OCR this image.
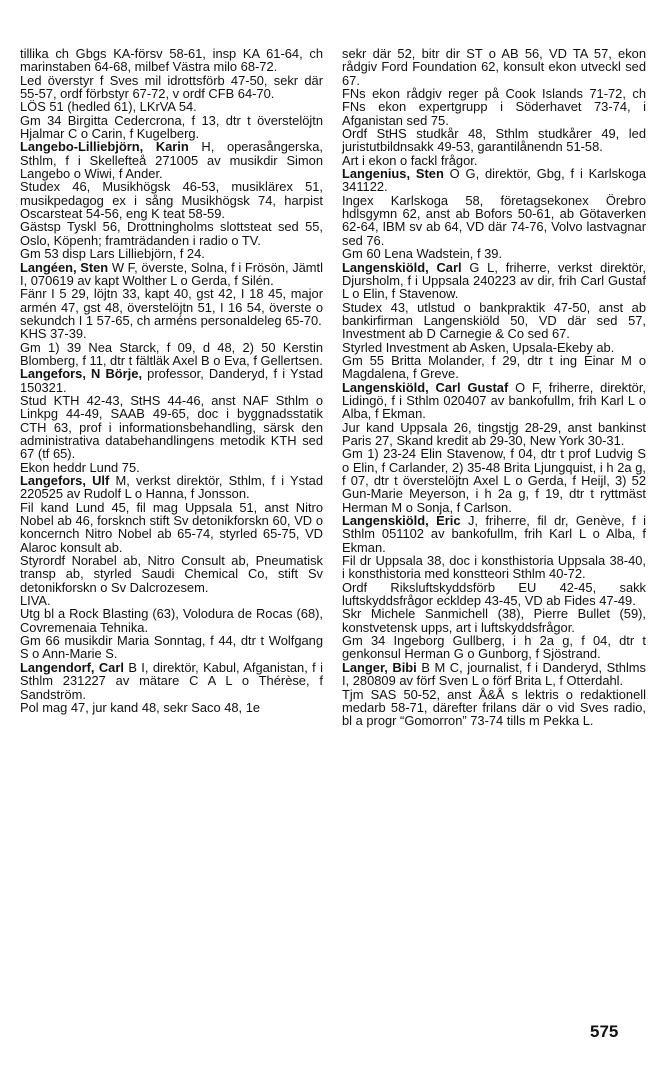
tillika ch Gbgs KA-försv 58-61, insp KA 61-64, ch marinstaben 64-68, milbef Västra milo 68-72.

Led överstyr f Sves mil idrottsförb 47-50, sekr där 55-57, ordf förbstyr 67-72, v ordf CFB 64-70.

LÖS 51 (hedled 61), LKrVA 54.

Gm 34 Birgitta Cedercrona, f 13, dtr t överstelöjtn Hjalmar C o Carin, f Kugelberg.

Langebo-Lilliebjörn, Karin H, operasångerska, Sthlm, f i Skellefteå 271005 av musikdir Simon Langebo o Wiwi, f Ander.

Studex 46, Musikhögsk 46-53, musiklärex 51, musikpedagog ex i sång Musikhögsk 74, harpist Oscarsteat 54-56, eng K teat 58-59.

Gästsp Tyskl 56, Drottningholms slottsteat sed 55, Oslo, Köpenh; framträdanden i radio o TV.

Gm 53 disp Lars Lilliebjörn, f 24.

Langéen, Sten W F, överste, Solna, f i Frösön, Jämtl I, 070619 av kapt Wolther L o Gerda, f Silén.

Fänr I 5 29, löjtn 33, kapt 40, gst 42, I 18 45, major armén 47, gst 48, överstelöjtn 51, I 16 54, överste o sekundch I 1 57-65, ch arméns personaldeleg 65-70.

KHS 37-39.

Gm 1) 39 Nea Starck, f 09, d 48, 2) 50 Kerstin Blomberg, f 11, dtr t fältläk Axel B o Eva, f Gellertsen.

Langefors, N Börje, professor, Danderyd, f i Ystad 150321.

Stud KTH 42-43, StHS 44-46, anst NAF Sthlm o Linkpg 44-49, SAAB 49-65, doc i byggnadsstatik CTH 63, prof i informationsbehandling, särsk den administrativa databehandlingens metodik KTH sed 67 (tf 65).

Ekon heddr Lund 75.

Langefors, Ulf M, verkst direktör, Sthlm, f i Ystad 220525 av Rudolf L o Hanna, f Jonsson.

Fil kand Lund 45, fil mag Uppsala 51, anst Nitro Nobel ab 46, forsknch stift Sv detonikforskn 60, VD o koncernch Nitro Nobel ab 65-74, styrled 65-75, VD Alaroc konsult ab.

Styrordf Norabel ab, Nitro Consult ab, Pneumatisk transp ab, styrled Saudi Chemical Co, stift Sv detonikforskn o Sv Dalcrozesem.

LIVA.

Utg bl a Rock Blasting (63), Volodura de Rocas (68), Covremenaia Tehnika.

Gm 66 musikdir Maria Sonntag, f 44, dtr t Wolfgang S o Ann-Marie S.

Langendorf, Carl B I, direktör, Kabul, Afganistan, f i Sthlm 231227 av mätare C A L o Thérèse, f Sandström.

Pol mag 47, jur kand 48, sekr Saco 48, 1e

sekr där 52, bitr dir ST o AB 56, VD TA 57, ekon rådgiv Ford Foundation 62, konsult ekon utveckl sed 67.

FNs ekon rådgiv reger på Cook Islands 71-72, ch FNs ekon expertgrupp i Söderhavet 73-74, i Afganistan sed 75.

Ordf StHS studkår 48, Sthlm studkårer 49, led juristutbildnsakk 49-53, garantilånendn 51-58.

Art i ekon o fackl frågor.

Langenius, Sten O G, direktör, Gbg, f i Karlskoga 341122.

Ingex Karlskoga 58, företagsekonex Örebro hdlsgymn 62, anst ab Bofors 50-61, ab Götaverken 62-64, IBM sv ab 64, VD där 74-76, Volvo lastvagnar sed 76.

Gm 60 Lena Wadstein, f 39.

Langenskiöld, Carl G L, friherre, verkst direktör, Djursholm, f i Uppsala 240223 av dir, frih Carl Gustaf L o Elin, f Stavenow.

Studex 43, utlstud o bankpraktik 47-50, anst ab bankirfirman Langenskiöld 50, VD där sed 57, Investment ab D Carnegie & Co sed 67.

Styrled Investment ab Asken, Upsala-Ekeby ab.

Gm 55 Britta Molander, f 29, dtr t ing Einar M o Magdalena, f Greve.

Langenskiöld, Carl Gustaf O F, friherre, direktör, Lidingö, f i Sthlm 020407 av bankofullm, frih Karl L o Alba, f Ekman.

Jur kand Uppsala 26, tingstjg 28-29, anst bankinst Paris 27, Skand kredit ab 29-30, New York 30-31.

Gm 1) 23-24 Elin Stavenow, f 04, dtr t prof Ludvig S o Elin, f Carlander, 2) 35-48 Brita Ljungquist, i h 2a g, f 07, dtr t överstelöjtn Axel L o Gerda, f Heijl, 3) 52 Gun-Marie Meyerson, i h 2a g, f 19, dtr t ryttmäst Herman M o Sonja, f Carlson.

Langenskiöld, Eric J, friherre, fil dr, Genève, f i Sthlm 051102 av bankofullm, frih Karl L o Alba, f Ekman.

Fil dr Uppsala 38, doc i konsthistoria Uppsala 38-40, i konsthistoria med konstteori Sthlm 40-72.

Ordf Riksluftskyddsförb EU 42-45, sakk luftskyddsfrågor eckldep 43-45, VD ab Fides 47-49.

Skr Michele Sanmichell (38), Pierre Bullet (59), konstvetensk upps, art i luftskyddsfrågor.

Gm 34 Ingeborg Gullberg, i h 2a g, f 04, dtr t genkonsul Herman G o Gunborg, f Sjöstrand.

Langer, Bibi B M C, journalist, f i Danderyd, Sthlms I, 280809 av förf Sven L o förf Brita L, f Otterdahl.

Tjm SAS 50-52, anst Å&Å s lektris o redaktionell medarb 58-71, därefter frilans där o vid Sves radio, bl a progr “Gomorron” 73-74 tills m Pekka L.

575
